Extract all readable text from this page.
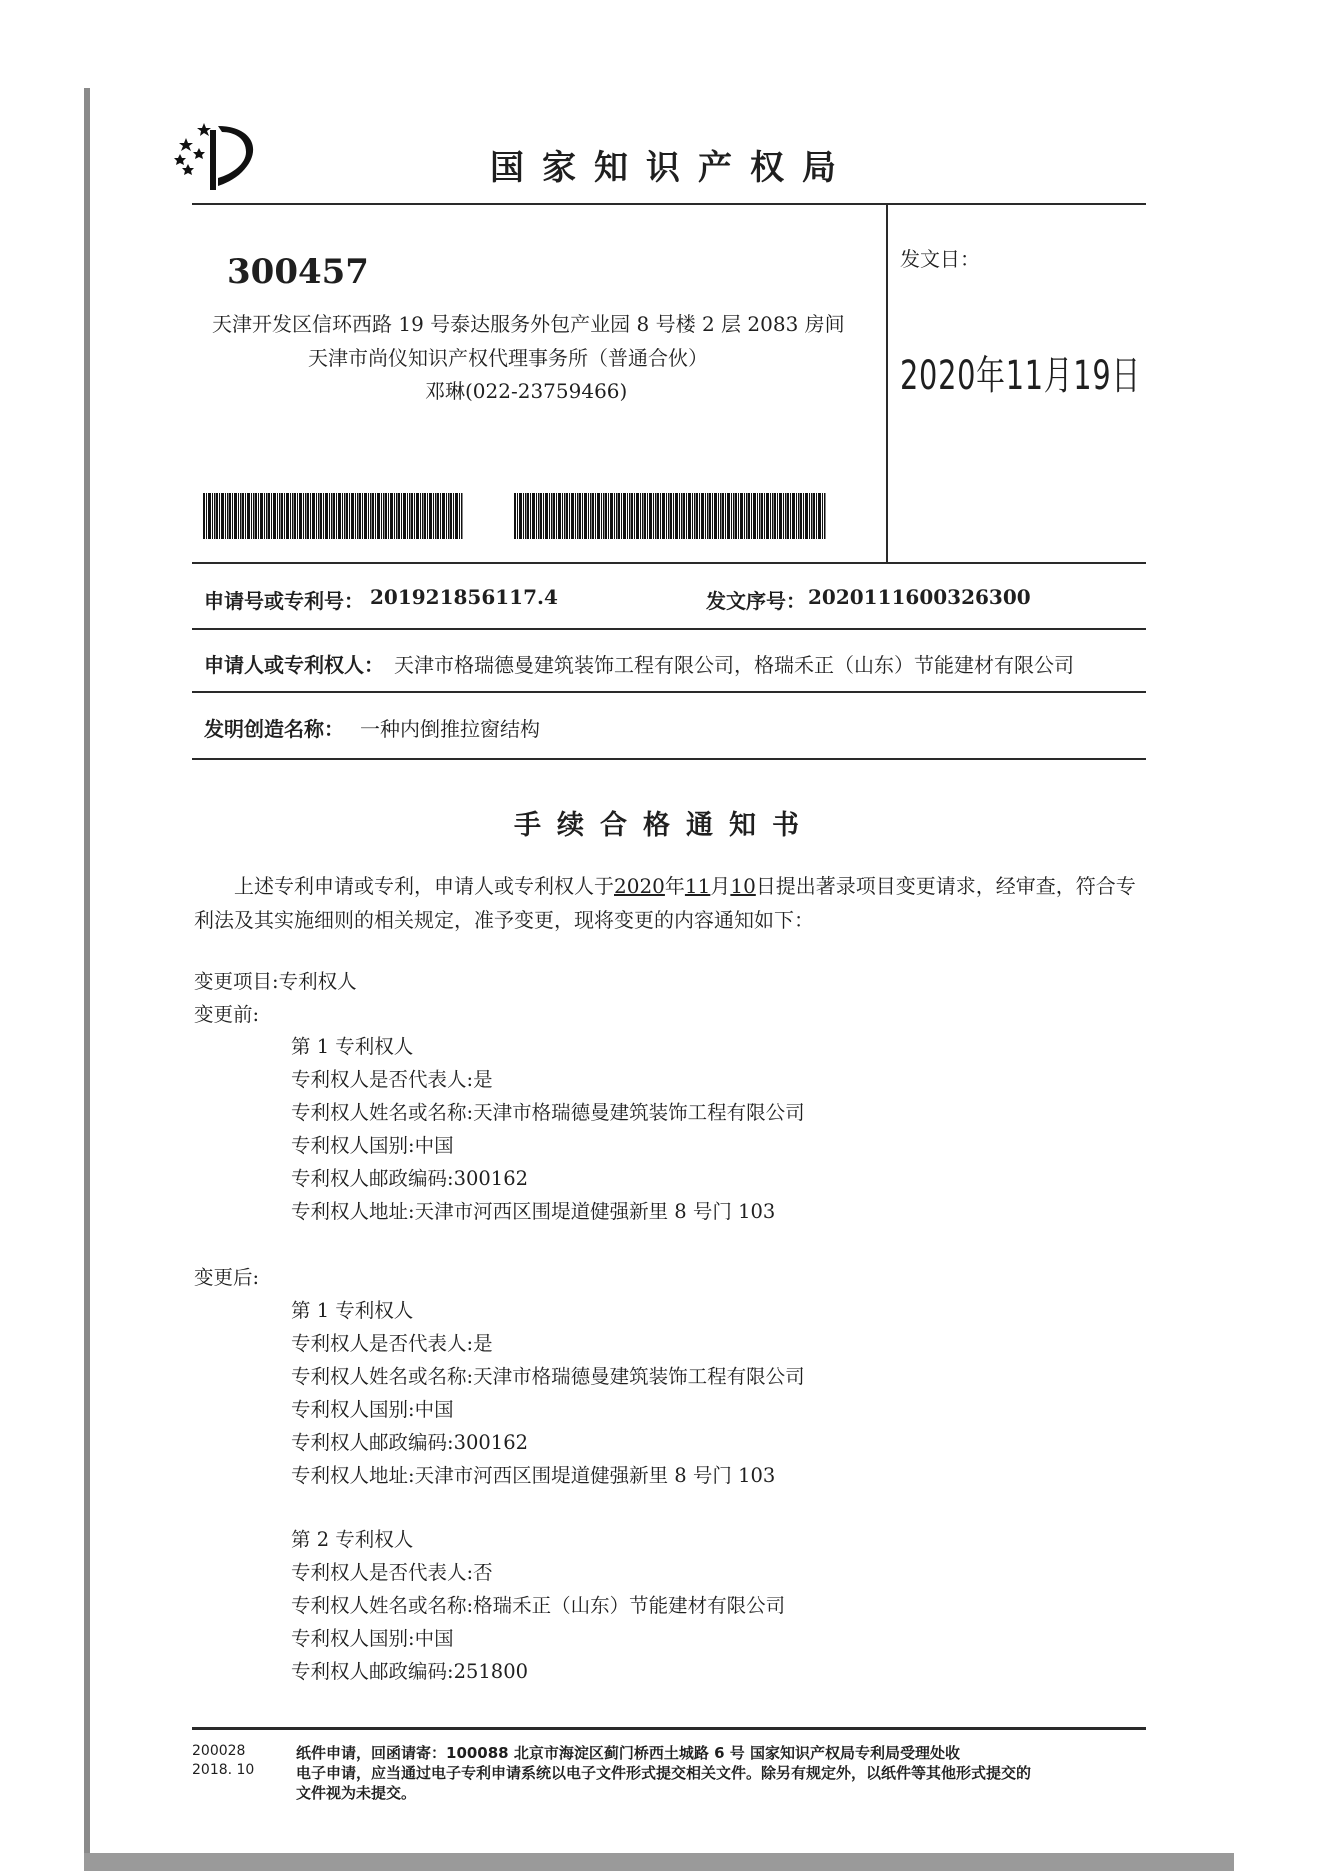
国家知识产权局

300457

天津开发区信环西路 19 号泰达服务外包产业园 8 号楼 2 层 2083 房间

天津市尚仪知识产权代理事务所（普通合伙）

邓琳(022-23759466)

发文日：

2020年11月19日

申请号或专利号： 201921856117.4	发文序号： 2020111600326300

申请人或专利权人： 天津市格瑞德曼建筑装饰工程有限公司，格瑞禾正（山东）节能建材有限公司

发明创造名称： 一种内倒推拉窗结构

手续合格通知书

上述专利申请或专利，申请人或专利权人于2020年11月10日提出著录项目变更请求，经审查，符合专

利法及其实施细则的相关规定，准予变更，现将变更的内容通知如下：

变更项目:专利权人

变更前:

第 1 专利权人

专利权人是否代表人:是

专利权人姓名或名称:天津市格瑞德曼建筑装饰工程有限公司

专利权人国别:中国

专利权人邮政编码:300162

专利权人地址:天津市河西区围堤道健强新里 8 号门 103

变更后:

第 1 专利权人

专利权人是否代表人:是

专利权人姓名或名称:天津市格瑞德曼建筑装饰工程有限公司

专利权人国别:中国

专利权人邮政编码:300162

专利权人地址:天津市河西区围堤道健强新里 8 号门 103

第 2 专利权人

专利权人是否代表人:否

专利权人姓名或名称:格瑞禾正（山东）节能建材有限公司

专利权人国别:中国

专利权人邮政编码:251800

200028

2018. 10

纸件申请，回函请寄：100088 北京市海淀区蓟门桥西土城路 6 号 国家知识产权局专利局受理处收

电子申请，应当通过电子专利申请系统以电子文件形式提交相关文件。除另有规定外，以纸件等其他形式提交的

文件视为未提交。
